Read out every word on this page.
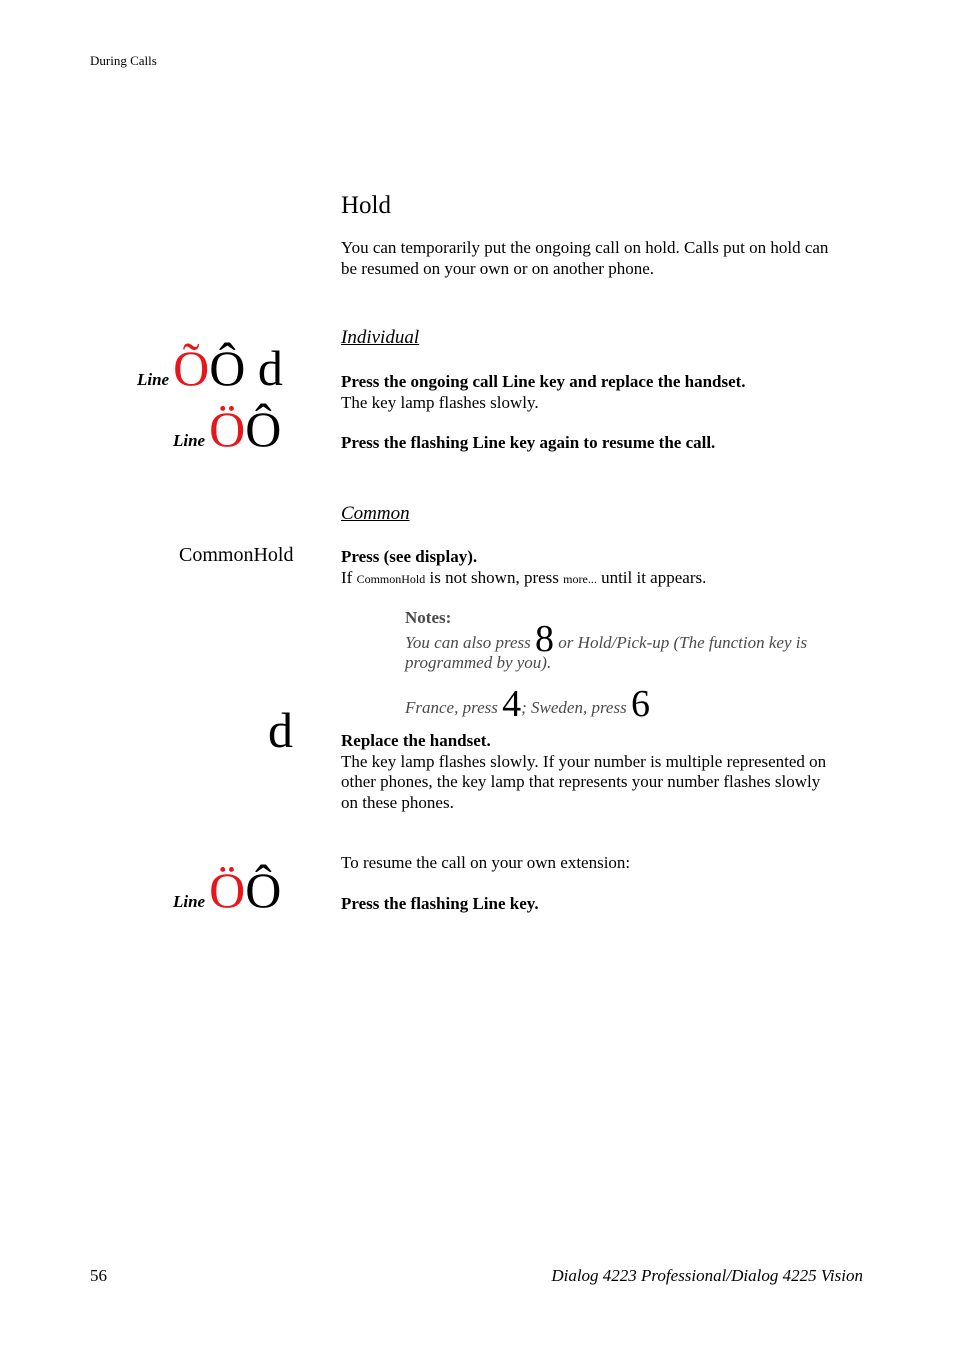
During Calls
Hold
You can temporarily put the ongoing call on hold. Calls put on hold can
be resumed on your own or on another phone.
Individual
Line ÕÔ d	Press the ongoing call Line key and replace the handset.
The key lamp flashes slowly.
Line ÖÔ	Press the flashing Line key again to resume the call.
Common
CommonHold	Press (see display).
If CommonHold is not shown, press more... until it appears.
Notes:
You can also press 8 or Hold/Pick-up (The function key is
programmed by you).
France, press 4; Sweden, press 6
d	Replace the handset.
The key lamp flashes slowly. If your number is multiple represented on
other phones, the key lamp that represents your number flashes slowly
on these phones.
To resume the call on your own extension:
Line ÖÔ	Press the flashing Line key.
56	Dialog 4223 Professional/Dialog 4225 Vision
